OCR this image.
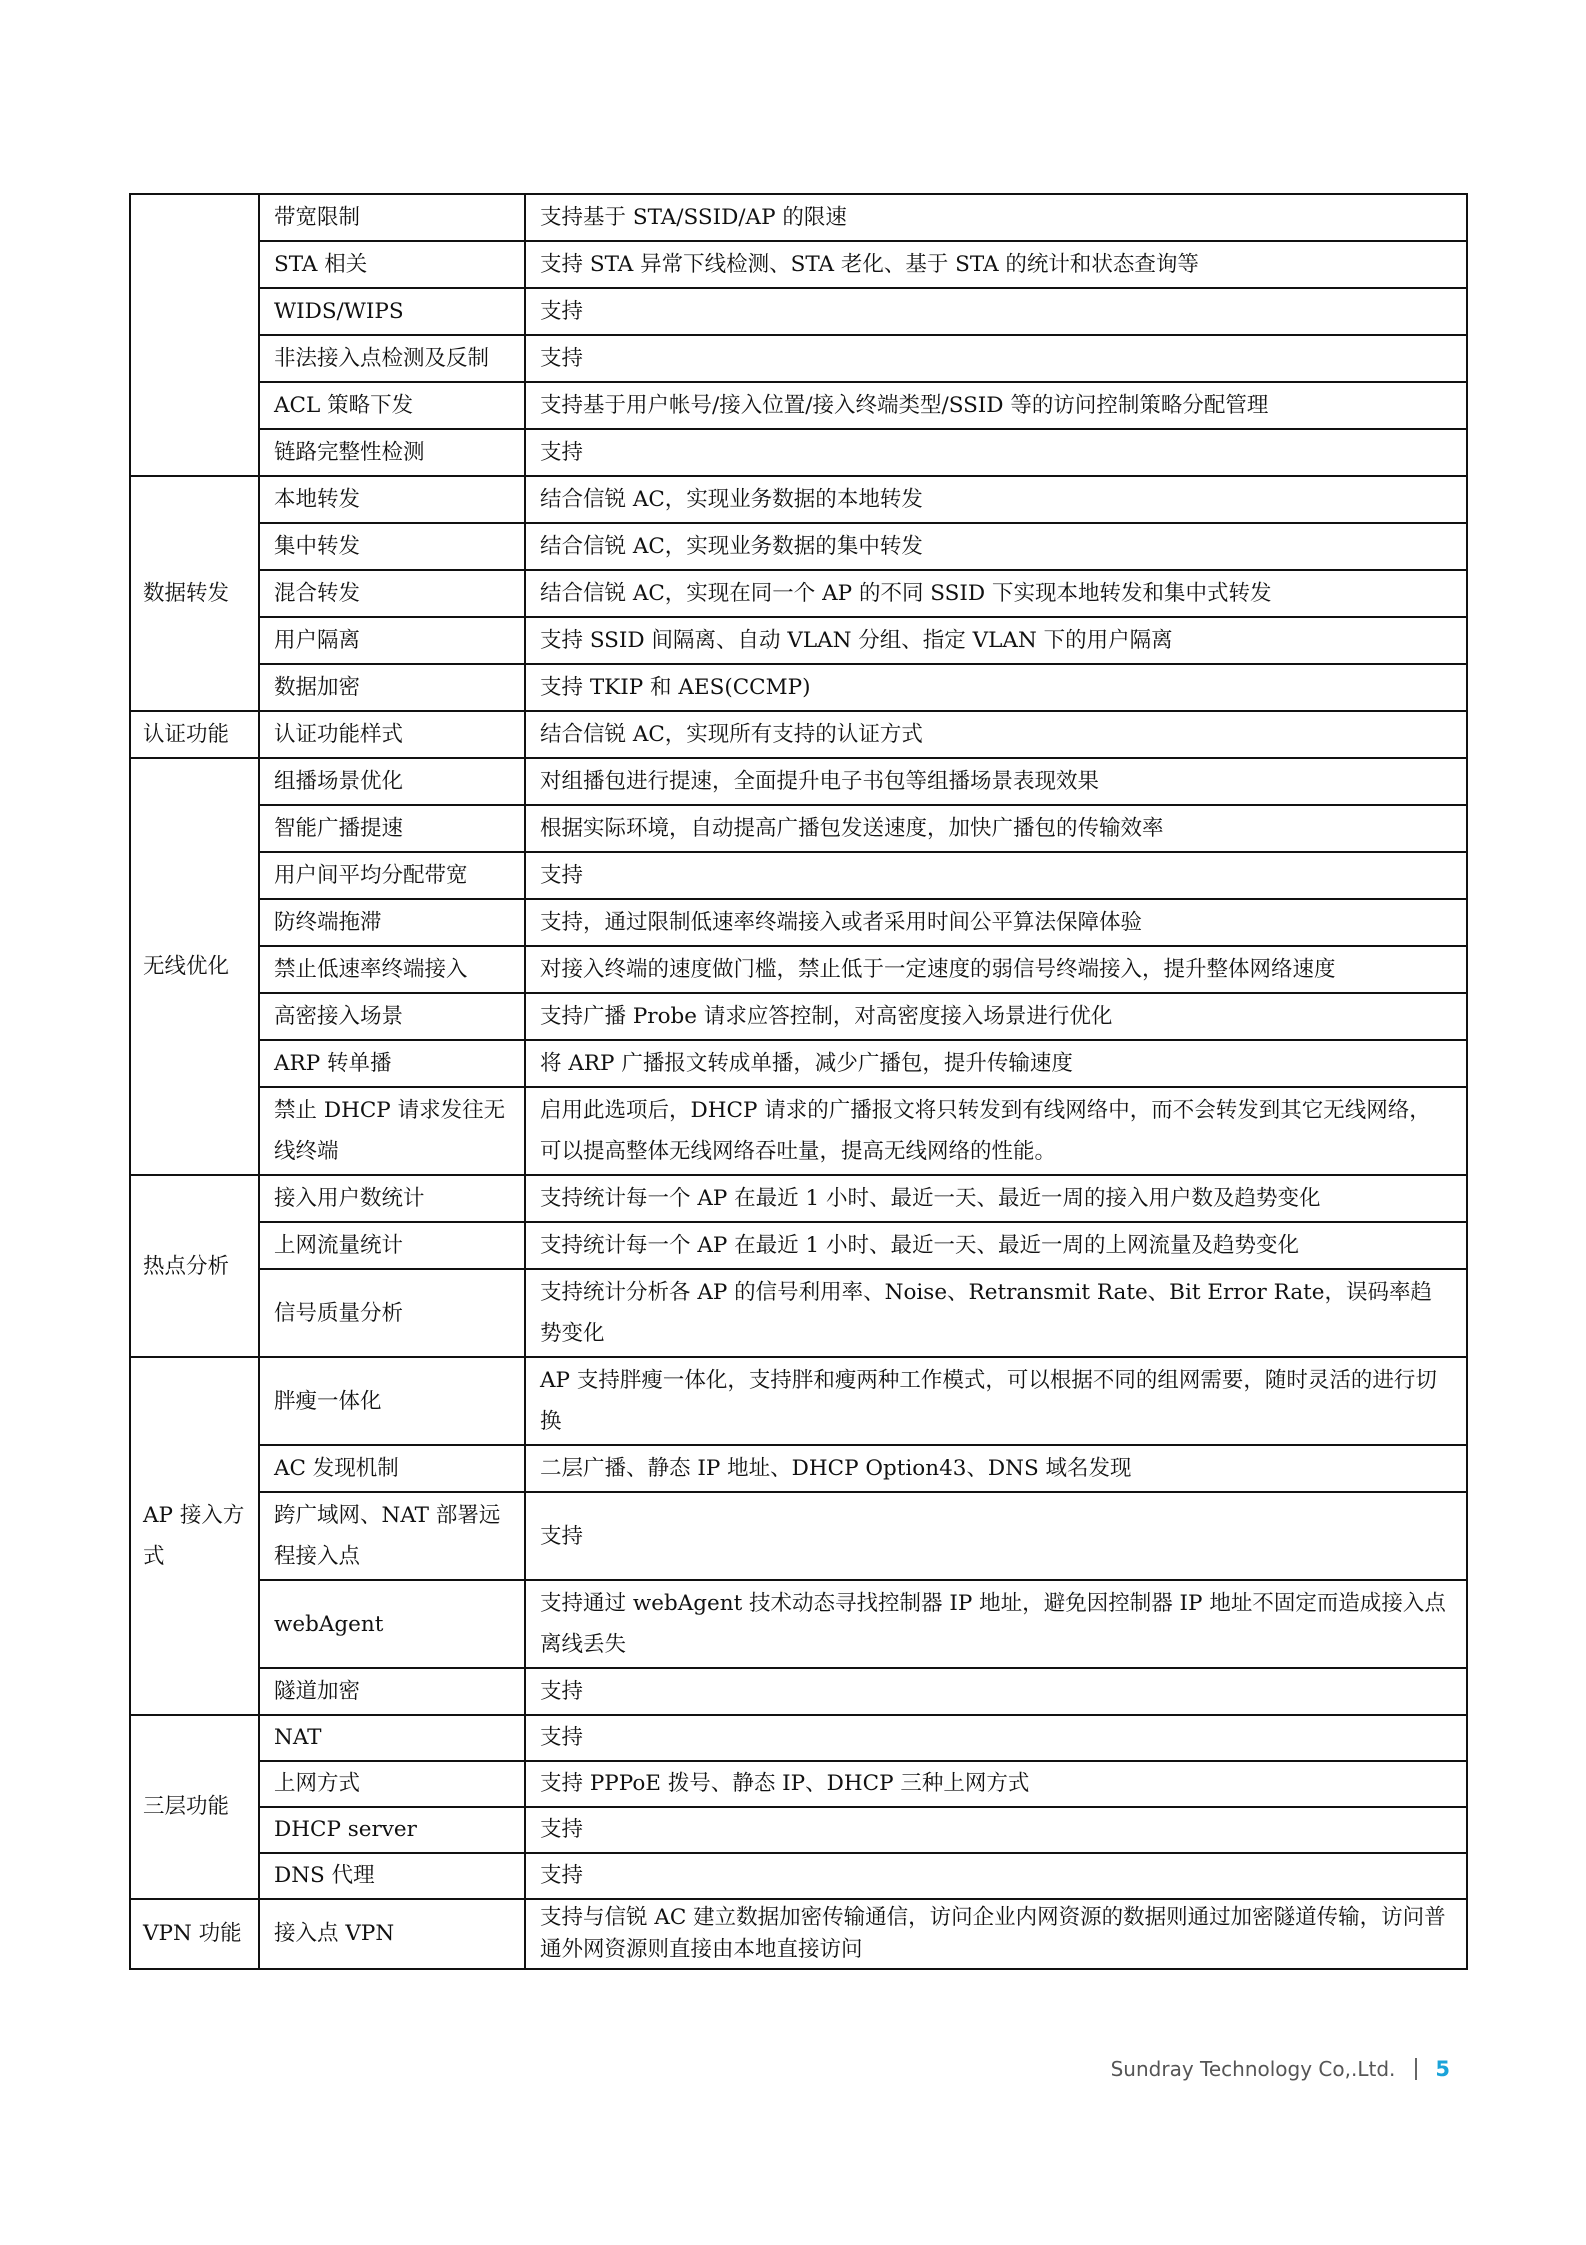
	带宽限制	支持基于 STA/SSID/AP 的限速
	STA 相关	支持 STA 异常下线检测、STA 老化、基于 STA 的统计和状态查询等
	WIDS/WIPS	支持
	非法接入点检测及反制	支持
	ACL 策略下发	支持基于用户帐号/接入位置/接入终端类型/SSID 等的访问控制策略分配管理
	链路完整性检测	支持
数据转发	本地转发	结合信锐 AC，实现业务数据的本地转发
	集中转发	结合信锐 AC，实现业务数据的集中转发
	混合转发	结合信锐 AC，实现在同一个 AP 的不同 SSID 下实现本地转发和集中式转发
	用户隔离	支持 SSID 间隔离、自动 VLAN 分组、指定 VLAN 下的用户隔离
	数据加密	支持 TKIP 和 AES(CCMP)
认证功能	认证功能样式	结合信锐 AC，实现所有支持的认证方式
无线优化	组播场景优化	对组播包进行提速，全面提升电子书包等组播场景表现效果
	智能广播提速	根据实际环境，自动提高广播包发送速度，加快广播包的传输效率
	用户间平均分配带宽	支持
	防终端拖滞	支持，通过限制低速率终端接入或者采用时间公平算法保障体验
	禁止低速率终端接入	对接入终端的速度做门槛，禁止低于一定速度的弱信号终端接入，提升整体网络速度
	高密接入场景	支持广播 Probe 请求应答控制，对高密度接入场景进行优化
	ARP 转单播	将 ARP 广播报文转成单播，减少广播包，提升传输速度
	禁止 DHCP 请求发往无线终端	启用此选项后，DHCP 请求的广播报文将只转发到有线网络中，而不会转发到其它无线网络，可以提高整体无线网络吞吐量，提高无线网络的性能。
热点分析	接入用户数统计	支持统计每一个 AP 在最近 1 小时、最近一天、最近一周的接入用户数及趋势变化
	上网流量统计	支持统计每一个 AP 在最近 1 小时、最近一天、最近一周的上网流量及趋势变化
	信号质量分析	支持统计分析各 AP 的信号利用率、Noise、Retransmit Rate、Bit Error Rate，误码率趋势变化
AP 接入方式	胖瘦一体化	AP 支持胖瘦一体化，支持胖和瘦两种工作模式，可以根据不同的组网需要，随时灵活的进行切换
	AC 发现机制	二层广播、静态 IP 地址、DHCP Option43、DNS 域名发现
	跨广域网、NAT 部署远程接入点	支持
	webAgent	支持通过 webAgent 技术动态寻找控制器 IP 地址，避免因控制器 IP 地址不固定而造成接入点离线丢失
	隧道加密	支持
三层功能	NAT	支持
	上网方式	支持 PPPoE 拨号、静态 IP、DHCP 三种上网方式
	DHCP server	支持
	DNS 代理	支持
VPN 功能	接入点 VPN	支持与信锐 AC 建立数据加密传输通信，访问企业内网资源的数据则通过加密隧道传输，访问普通外网资源则直接由本地直接访问
Sundray Technology Co,.Ltd. 5
